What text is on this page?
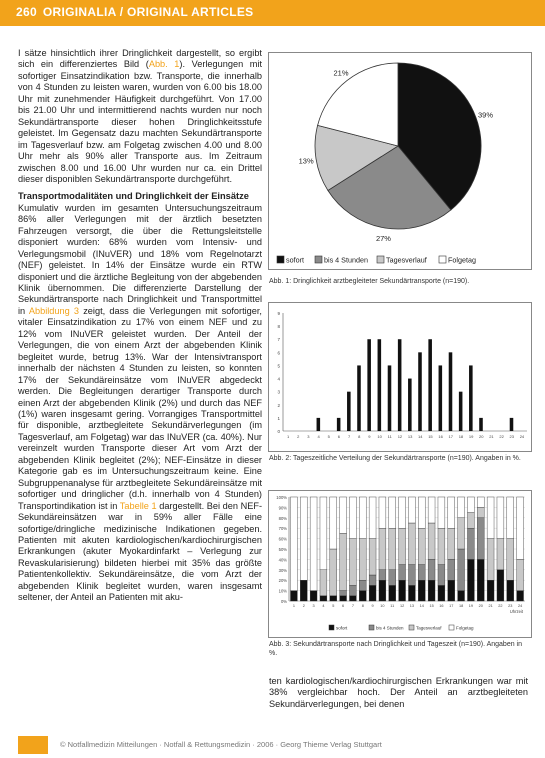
260 ORIGINALIA / ORIGINAL ARTICLES

I sätze hinsichtlich ihrer Dringlichkeit dargestellt, so ergibt sich ein differenziertes Bild (Abb. 1). Verlegungen mit sofortiger Einsatzindikation bzw. Transporte, die innerhalb von 4 Stunden zu leisten waren, wurden von 6.00 bis 18.00 Uhr mit zunehmender Häufigkeit durchgeführt. Von 17.00 bis 21.00 Uhr und intermittierend nachts wurden nur noch Sekundärtransporte dieser hohen Dringlichkeitsstufe geleistet. Im Gegensatz dazu machten Sekundärtransporte im Tagesverlauf bzw. am Folgetag zwischen 4.00 und 8.00 Uhr mehr als 90% aller Transporte aus. Im Zeitraum zwischen 8.00 und 16.00 Uhr wurden nur ca. ein Drittel dieser disponiblen Sekundärtransporte durchgeführt.

Transportmodalitäten und Dringlichkeit der Einsätze

Kumulativ wurden im gesamten Untersuchungszeitraum 86% aller Verlegungen mit der ärztlich besetzten Fahrzeugen versorgt, die über die Rettungsleitstelle disponiert wurden: 68% wurden vom Intensiv- und Verlegungsmobil (INuVER) und 18% vom Regelnotarzt (NEF) geleistet. In 14% der Einsätze wurde ein RTW disponiert und die ärztliche Begleitung von der abgebenden Klinik übernommen. Die differenzierte Darstellung der Sekundärtransporte nach Dringlichkeit und Transportmittel in Abbildung 3 zeigt, dass die Verlegungen mit sofortiger, vitaler Einsatzindikation zu 17% von einem NEF und zu 12% vom INuVER geleistet wurden. Der Anteil der Verlegungen, die von einem Arzt der abgebenden Klinik begleitet wurde, betrug 13%. War der Intensivtransport innerhalb der nächsten 4 Stunden zu leisten, so konnten 17% der Sekundäreinsätze vom INuVER abgedeckt werden. Die Begleitungen derartiger Transporte durch einen Arzt der abgebenden Klinik (2%) und durch das NEF (1%) waren insgesamt gering. Vorrangiges Transportmittel für disponible, arztbegleitete Sekundärverlegungen (im Tagesverlauf, am Folgetag) war das INuVER (ca. 40%). Nur vereinzelt wurden Transporte dieser Art vom Arzt der abgebenden Klinik begleitet (2%); NEF-Einsätze in dieser Kategorie gab es im Untersuchungszeitraum keine. Eine Subgruppenanalyse für arztbegleitete Sekundäreinsätze mit sofortiger und dringlicher (d.h. innerhalb von 4 Stunden) Transportindikation ist in Tabelle 1 dargestellt. Bei den NEF-Sekundäreinsätzen war in 59% aller Fälle eine sofortige/dringliche medizinische Indikationen gegeben. Patienten mit akuten kardiologischen/kardiochirurgischen Erkrankungen (akuter Myokardinfarkt – Verlegung zur Revaskularisierung) bildeten hierbei mit 35% das größte Patientenkollektiv. Sekundäreinsätze, die vom Arzt der abgebenden Klinik begleitet wurden, waren insgesamt seltener, der Anteil an Patienten mit aku-

39%
27%
13%
21%
sofort	bis 4 Stunden	Tagesverlauf	Folgetag
Abb. 1: Dringlichkeit arztbegleiteter Sekundärtransporte (n=190).
0
1
2
3
4
5
6
7
8
9
1 2 3 4 5 6 7 8 9 10 11 12 13 14 15 16 17 18 19 20 21 22 23 24
Abb. 2: Tageszeitliche Verteilung der Sekundärtransporte (n=190). Angaben in %.
0%
10%
20%
30%
40%
50%
60%
70%
80%
90%
100%
1 2 3 4 5 6 7 8 9 10 11 12 13 14 15 16 17 18 19 20 21 22 23 24
Uhrzeit
sofort	bis 4 Stunden	Tagesverlauf	Folgetag
Abb. 3: Sekundärtransporte nach Dringlichkeit und Tageszeit (n=190). Angaben in %.
ten kardiologischen/kardiochirurgischen Erkrankungen war mit 38% vergleichbar hoch. Der Anteil an arztbegleiteten Sekundärverlegungen, bei denen
© Notfallmedizin Mitteilungen · Notfall & Rettungsmedizin · 2006 · Georg Thieme Verlag Stuttgart
